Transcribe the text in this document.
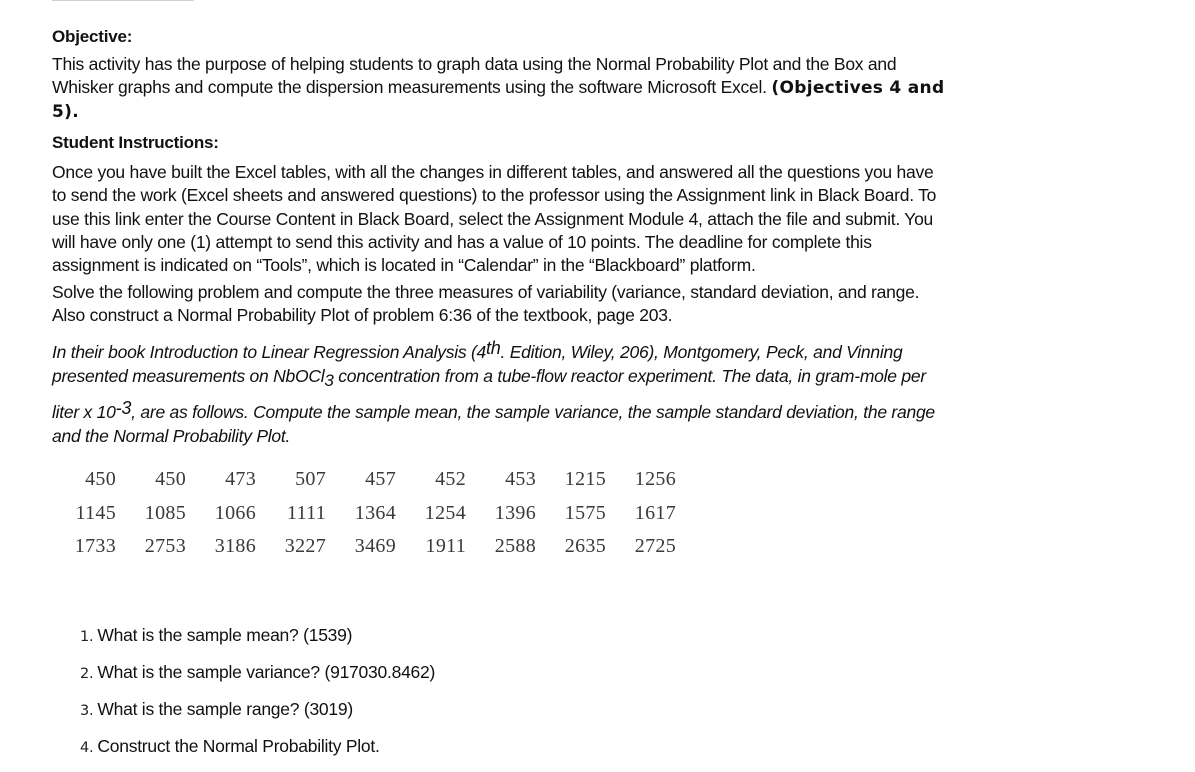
Objective:
This activity has the purpose of helping students to graph data using the Normal Probability Plot and the Box and
Whisker graphs and compute the dispersion measurements using the software Microsoft Excel. (Objectives 4 and
5).
Student Instructions:
Once you have built the Excel tables, with all the changes in different tables, and answered all the questions you have
to send the work (Excel sheets and answered questions) to the professor using the Assignment link in Black Board. To
use this link enter the Course Content in Black Board, select the Assignment Module 4, attach the file and submit. You
will have only one (1) attempt to send this activity and has a value of 10 points. The deadline for complete this
assignment is indicated on “Tools”, which is located in “Calendar” in the “Blackboard” platform.
Solve the following problem and compute the three measures of variability (variance, standard deviation, and range.
Also construct a Normal Probability Plot of problem 6:36 of the textbook, page 203.
In their book Introduction to Linear Regression Analysis (4th. Edition, Wiley, 206), Montgomery, Peck, and Vinning
presented measurements on NbOCl$_3$ concentration from a tube-flow reactor experiment. The data, in gram-mole per
liter x $10^{-3}$, are as follows. Compute the sample mean, the sample variance, the sample standard deviation, the range
and the Normal Probability Plot.
450	450	473	507	457	452	453	1215	1256
1145	1085	1066	1111	1364	1254	1396	1575	1617
1733	2753	3186	3227	3469	1911	2588	2635	2725
1. What is the sample mean? (1539)
2. What is the sample variance? (917030.8462)
3. What is the sample range? (3019)
4. Construct the Normal Probability Plot.
